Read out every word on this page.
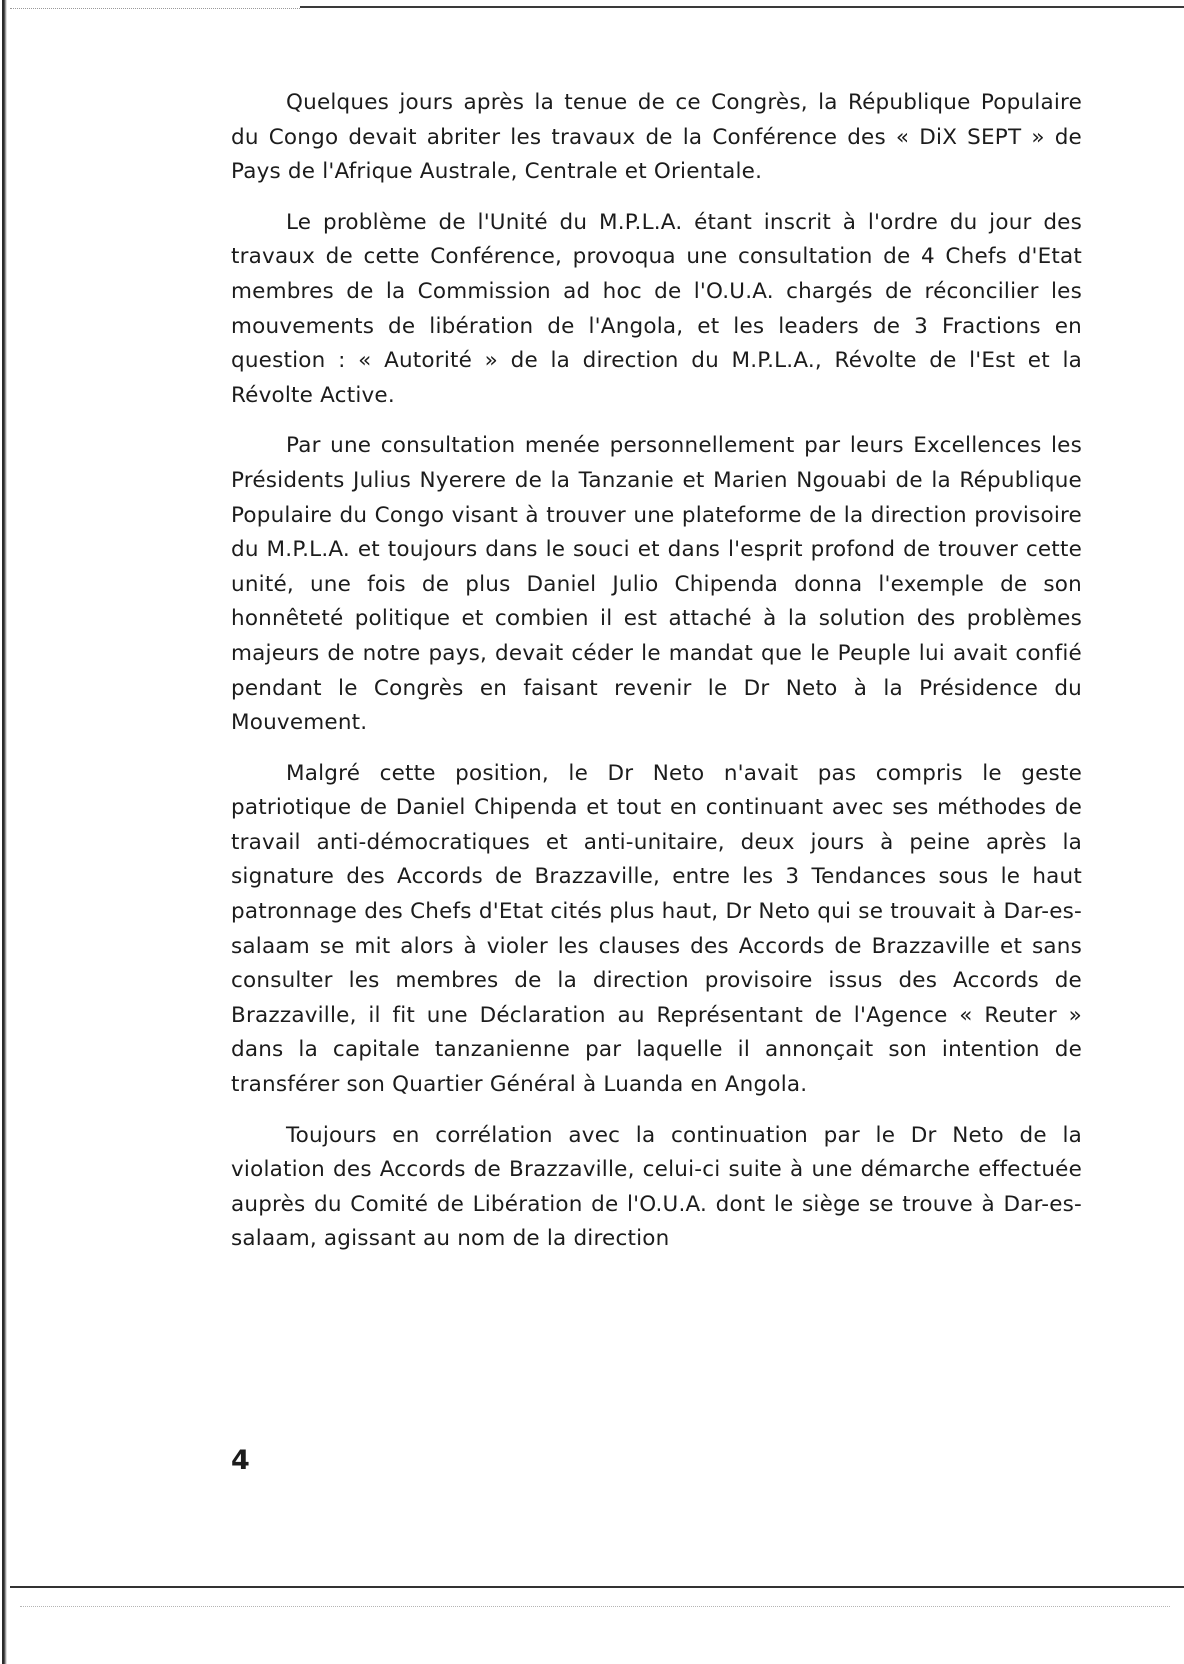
Quelques jours après la tenue de ce Congrès, la République Populaire du Congo devait abriter les travaux de la Conférence des « DiX SEPT » de Pays de l'Afrique Australe, Centrale et Orientale.

Le problème de l'Unité du M.P.L.A. étant inscrit à l'ordre du jour des travaux de cette Conférence, provoqua une consultation de 4 Chefs d'Etat membres de la Commission ad hoc de l'O.U.A. chargés de réconcilier les mouvements de libération de l'Angola, et les leaders de 3 Fractions en question : « Autorité » de la direction du M.P.L.A., Révolte de l'Est et la Révolte Active.

Par une consultation menée personnellement par leurs Excellences les Présidents Julius Nyerere de la Tanzanie et Marien Ngouabi de la République Populaire du Congo visant à trouver une plateforme de la direction provisoire du M.P.L.A. et toujours dans le souci et dans l'esprit profond de trouver cette unité, une fois de plus Daniel Julio Chipenda donna l'exemple de son honnêteté politique et combien il est attaché à la solution des problèmes majeurs de notre pays, devait céder le mandat que le Peuple lui avait confié pendant le Congrès en faisant revenir le Dr Neto à la Présidence du Mouvement.

Malgré cette position, le Dr Neto n'avait pas compris le geste patriotique de Daniel Chipenda et tout en continuant avec ses méthodes de travail anti-démocratiques et anti-unitaire, deux jours à peine après la signature des Accords de Brazzaville, entre les 3 Tendances sous le haut patronnage des Chefs d'Etat cités plus haut, Dr Neto qui se trouvait à Dar-es-salaam se mit alors à violer les clauses des Accords de Brazzaville et sans consulter les membres de la direction provisoire issus des Accords de Brazzaville, il fit une Déclaration au Représentant de l'Agence « Reuter » dans la capitale tanzanienne par laquelle il annonçait son intention de transférer son Quartier Général à Luanda en Angola.

Toujours en corrélation avec la continuation par le Dr Neto de la violation des Accords de Brazzaville, celui-ci suite à une démarche effectuée auprès du Comité de Libération de l'O.U.A. dont le siège se trouve à Dar-es-salaam, agissant au nom de la direction

4
